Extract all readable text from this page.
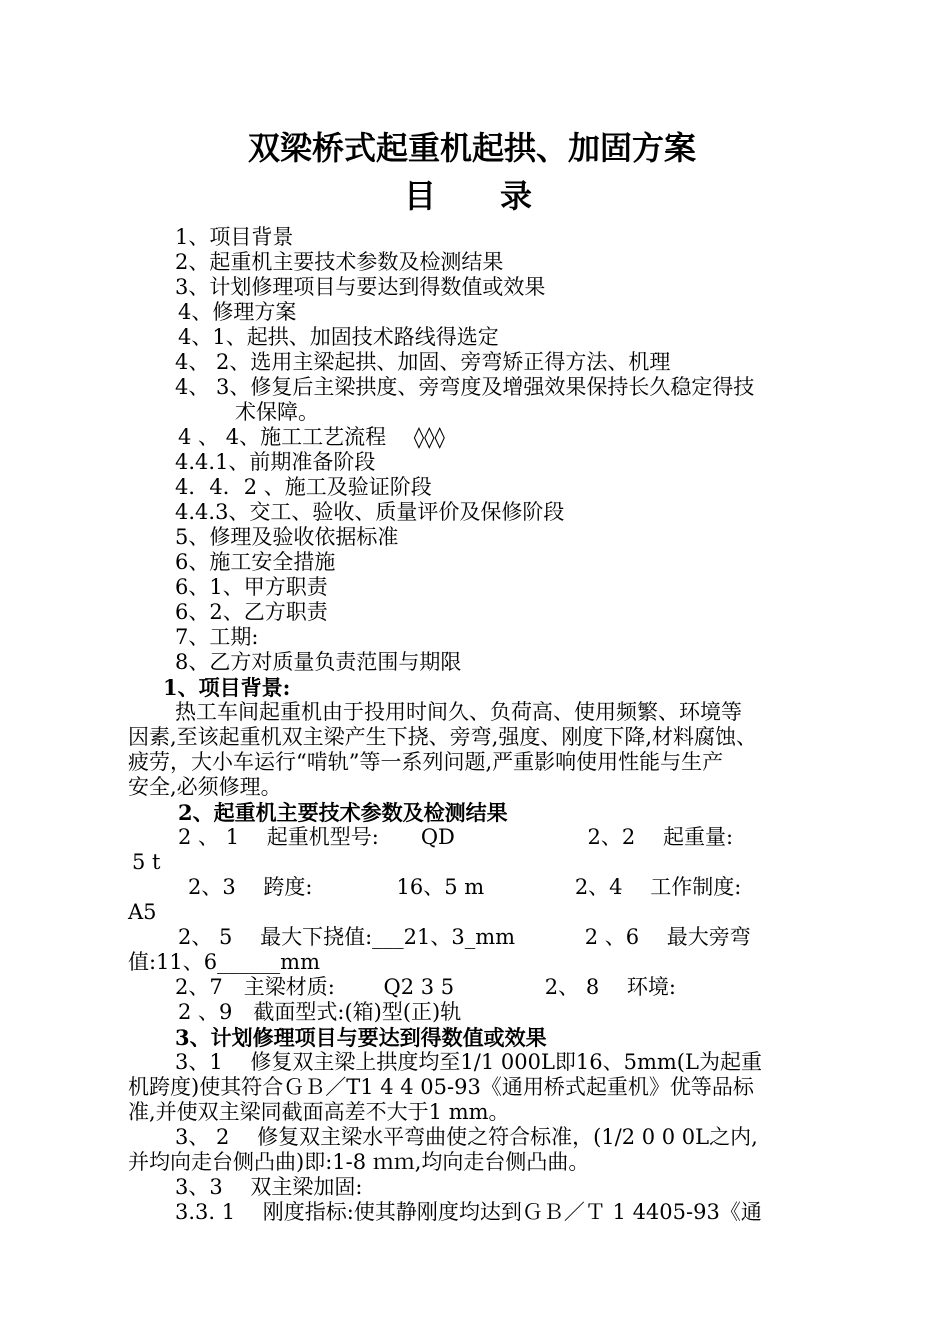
双梁桥式起重机起拱、加固方案
目　　录
1、项目背景
2、起重机主要技术参数及检测结果
3、计划修理项目与要达到得数值或效果
4、修理方案
4、1、起拱、加固技术路线得选定
4、 2、选用主梁起拱、加固、旁弯矫正得方法、机理
4、 3、修复后主梁拱度、旁弯度及增强效果保持长久稳定得技
术保障。
4 、 4、施工工艺流程　 ◊◊◊
4.4.1、前期准备阶段
4．4．2 、施工及验证阶段
4.4.3、交工、验收、质量评价及保修阶段
5、修理及验收依据标准
6、施工安全措施
6、1、甲方职责
6、2、乙方职责
7、工期:
8、乙方对质量负责范围与期限
1、项目背景:
热工车间起重机由于投用时间久、负荷高、使用频繁、环境等
因素,至该起重机双主梁产生下挠、旁弯,强度、刚度下降,材料腐蚀、
疲劳，大小车运行“啃轨”等一系列问题,严重影响使用性能与生产
安全,必须修理。
2、起重机主要技术参数及检测结果
2 、 1　 起重机型号:　　QD　　　　　　 2、2　 起重量:
5 t
2、3　 跨度:　　　　16、5 m　　　　 2、4　 工作制度:
A5
2、 5　 最大下挠值:___21、3_mm　　　 2 、6　 最大旁弯
值:11、6______mm
2、7　主梁材质:　　 Q2 3 5　　　　 2、 8　 环境:
2 、9　截面型式:(箱)型(正)轨
3、计划修理项目与要达到得数值或效果
3、1　 修复双主梁上拱度均至1/1 000L即16、5mm(L为起重
机跨度)使其符合ＧＢ／T1 4 4 05-93《通用桥式起重机》优等品标
准,并使双主梁同截面高差不大于1 mm。
3、 2　 修复双主梁水平弯曲使之符合标准，(1/2 0 0 0L之内,
并均向走台侧凸曲)即:1-8 ｍｍ,均向走台侧凸曲。
3、3　 双主梁加固:
3.3. 1　 刚度指标:使其静刚度均达到ＧＢ／Ｔ 1 4405-93《通
